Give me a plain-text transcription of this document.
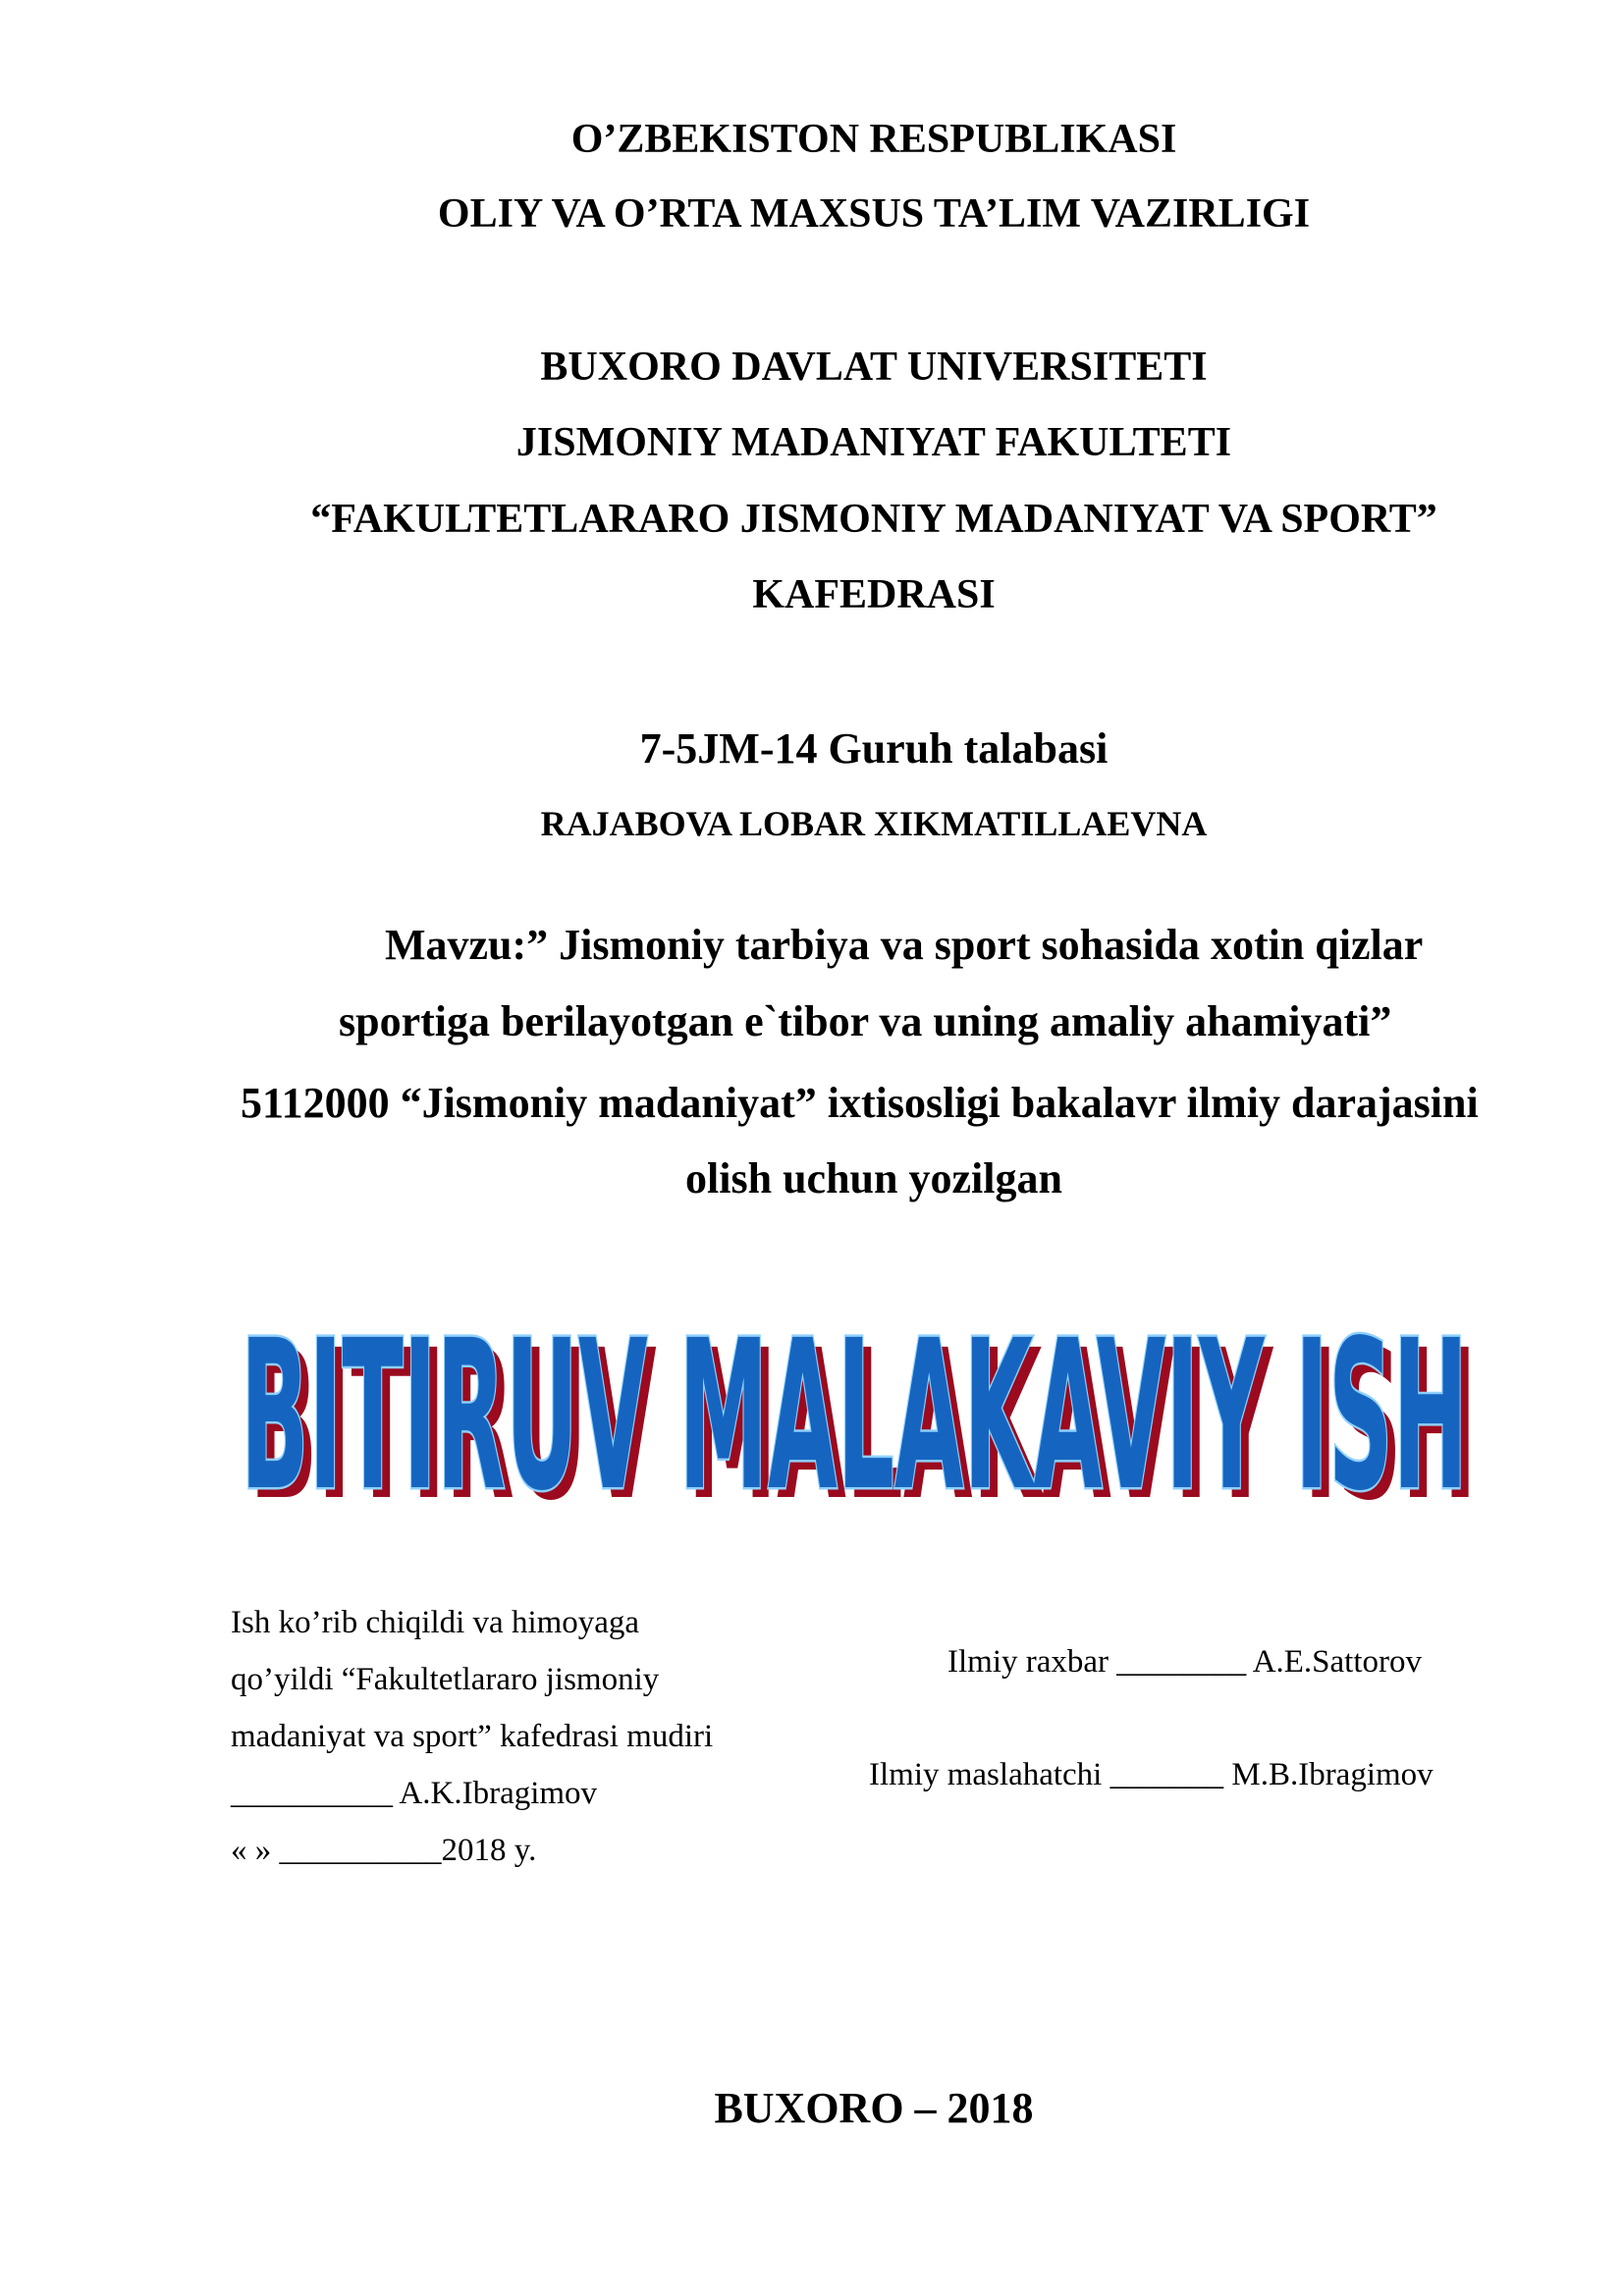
O’ZBEKISTON RESPUBLIKASI
OLIY VA O’RTA MAXSUS TA’LIM VAZIRLIGI
BUXORO DAVLAT UNIVERSITETI
JISMONIY MADANIYAT FAKULTETI
“FAKULTETLARARO JISMONIY MADANIYAT VA SPORT”
KAFEDRASI
7-5JM-14 Guruh talabasi
RAJABOVA LOBAR XIKMATILLAEVNA
Mavzu:” Jismoniy tarbiya va sport sohasida xotin qizlar
sportiga berilayotgan e`tibor va uning amaliy ahamiyati”
5112000 “Jismoniy madaniyat” ixtisosligi bakalavr ilmiy darajasini
olish uchun yozilgan
BITIRUV MALAKAVIY ISH
BITIRUV MALAKAVIY ISH
Ish ko’rib chiqildi va himoyaga
qo’yildi “Fakultetlararo jismoniy
madaniyat va sport” kafedrasi mudiri
__________ A.K.Ibragimov
« » __________2018 y.
Ilmiy raxbar ________ A.E.Sattorov
Ilmiy maslahatchi _______ M.B.Ibragimov
BUXORO – 2018
